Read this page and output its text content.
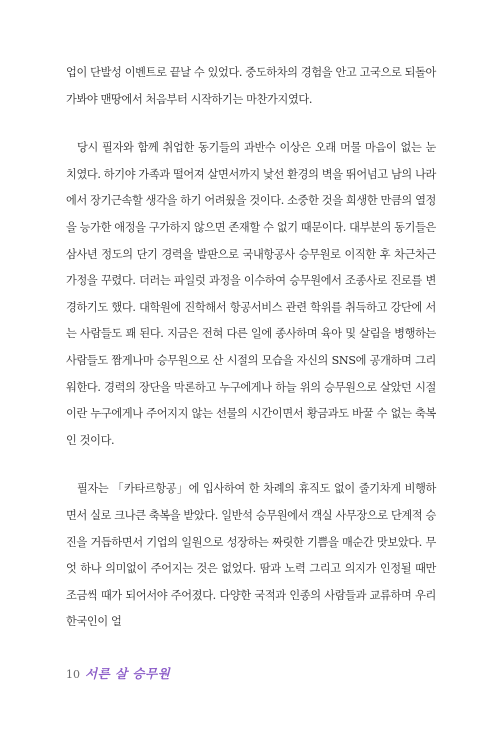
업이 단발성 이벤트로 끝날 수 있었다. 중도하차의 경험을 안고 고국으로 되돌아가봐야 맨땅에서 처음부터 시작하기는 마찬가지였다.

당시 필자와 함께 취업한 동기들의 과반수 이상은 오래 머물 마음이 없는 눈치였다. 하기야 가족과 떨어져 살면서까지 낯선 환경의 벽을 뛰어넘고 남의 나라에서 장기근속할 생각을 하기 어려웠을 것이다. 소중한 것을 희생한 만큼의 열정을 능가한 애정을 구가하지 않으면 존재할 수 없기 때문이다. 대부분의 동기들은 삼사년 정도의 단기 경력을 발판으로 국내항공사 승무원로 이직한 후 차근차근 가정을 꾸렸다. 더러는 파일럿 과정을 이수하여 승무원에서 조종사로 진로를 변경하기도 했다. 대학원에 진학해서 항공서비스 관련 학위를 취득하고 강단에 서는 사람들도 꽤 된다. 지금은 전혀 다른 일에 종사하며 육아 및 살림을 병행하는 사람들도 짬게나마 승무원으로 산 시절의 모습을 자신의 SNS에 공개하며 그리워한다. 경력의 장단을 막론하고 누구에게나 하늘 위의 승무원으로 살았던 시절이란 누구에게나 주어지지 않는 선물의 시간이면서 황금과도 바꿀 수 없는 축복인 것이다.

필자는 「카타르항공」에 입사하여 한 차례의 휴직도 없이 줄기차게 비행하면서 실로 크나큰 축복을 받았다. 일반석 승무원에서 객실 사무장으로 단계적 승진을 거듭하면서 기업의 일원으로 성장하는 짜릿한 기쁨을 매순간 맛보았다. 무엇 하나 의미없이 주어지는 것은 없었다. 땀과 노력 그리고 의지가 인정될 때만 조금씩 때가 되어서야 주어졌다. 다양한 국적과 인종의 사람들과 교류하며 우리 한국인이 얼

10 서른 살 승무원
